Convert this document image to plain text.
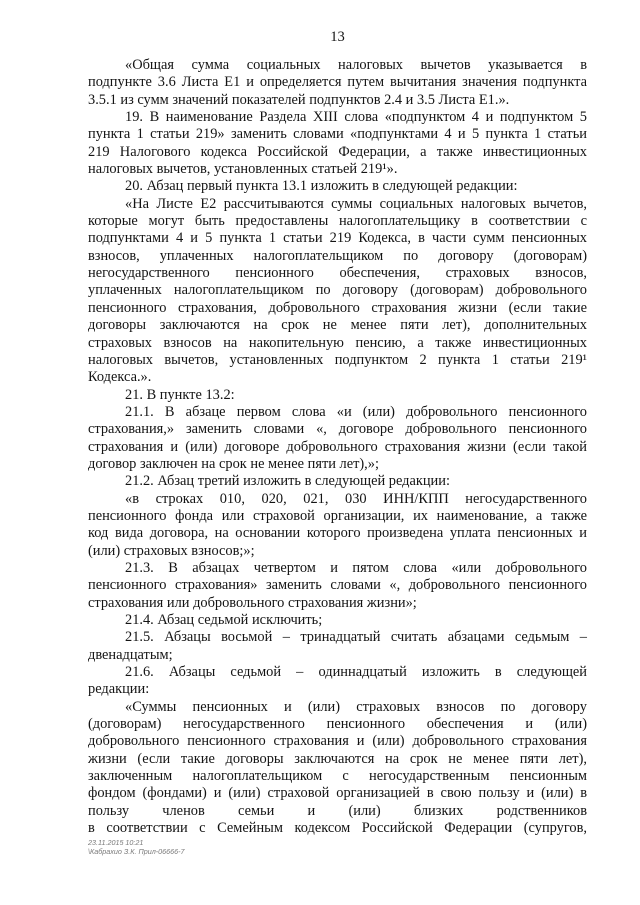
13
«Общая сумма социальных налоговых вычетов указывается в
подпункте 3.6 Листа Е1 и определяется путем вычитания значения подпункта
3.5.1 из сумм значений показателей подпунктов 2.4 и 3.5 Листа Е1.».
19. В наименование Раздела XIII слова «подпунктом 4 и подпунктом 5
пункта 1 статьи 219» заменить словами «подпунктами 4 и 5 пункта 1 статьи
219 Налогового кодекса Российской Федерации, а также инвестиционных
налоговых вычетов, установленных статьей 219¹».
20. Абзац первый пункта 13.1 изложить в следующей редакции:
«На Листе Е2 рассчитываются суммы социальных налоговых вычетов,
которые могут быть предоставлены налогоплательщику в соответствии с
подпунктами 4 и 5 пункта 1 статьи 219 Кодекса, в части сумм пенсионных
взносов, уплаченных налогоплательщиком по договору (договорам)
негосударственного пенсионного обеспечения, страховых взносов,
уплаченных налогоплательщиком по договору (договорам) добровольного
пенсионного страхования, добровольного страхования жизни (если такие
договоры заключаются на срок не менее пяти лет), дополнительных
страховых взносов на накопительную пенсию, а также инвестиционных
налоговых вычетов, установленных подпунктом 2 пункта 1 статьи 219¹
Кодекса.».
21. В пункте 13.2:
21.1. В абзаце первом слова «и (или) добровольного пенсионного
страхования,» заменить словами «, договоре добровольного пенсионного
страхования и (или) договоре добровольного страхования жизни (если такой
договор заключен на срок не менее пяти лет),»;
21.2. Абзац третий изложить в следующей редакции:
«в строках 010, 020, 021, 030 ИНН/КПП негосударственного
пенсионного фонда или страховой организации, их наименование, а также
код вида договора, на основании которого произведена уплата пенсионных и
(или) страховых взносов;»;
21.3. В абзацах четвертом и пятом слова «или добровольного
пенсионного страхования» заменить словами «, добровольного пенсионного
страхования или добровольного страхования жизни»;
21.4. Абзац седьмой исключить;
21.5. Абзацы восьмой – тринадцатый считать абзацами седьмым –
двенадцатым;
21.6. Абзацы седьмой – одиннадцатый изложить в следующей
редакции:
«Суммы пенсионных и (или) страховых взносов по договору
(договорам) негосударственного пенсионного обеспечения и (или)
добровольного пенсионного страхования и (или) добровольного страхования
жизни (если такие договоры заключаются на срок не менее пяти лет),
заключенным налогоплательщиком с негосударственным пенсионным
фондом (фондами) и (или) страховой организацией в свою пользу и (или) в
пользу членов семьи и (или) близких родственников
в соответствии с Семейным кодексом Российской Федерации (супругов,
23.11.2015 10:21
\Кабрахио З.К. Прил-06666-7
